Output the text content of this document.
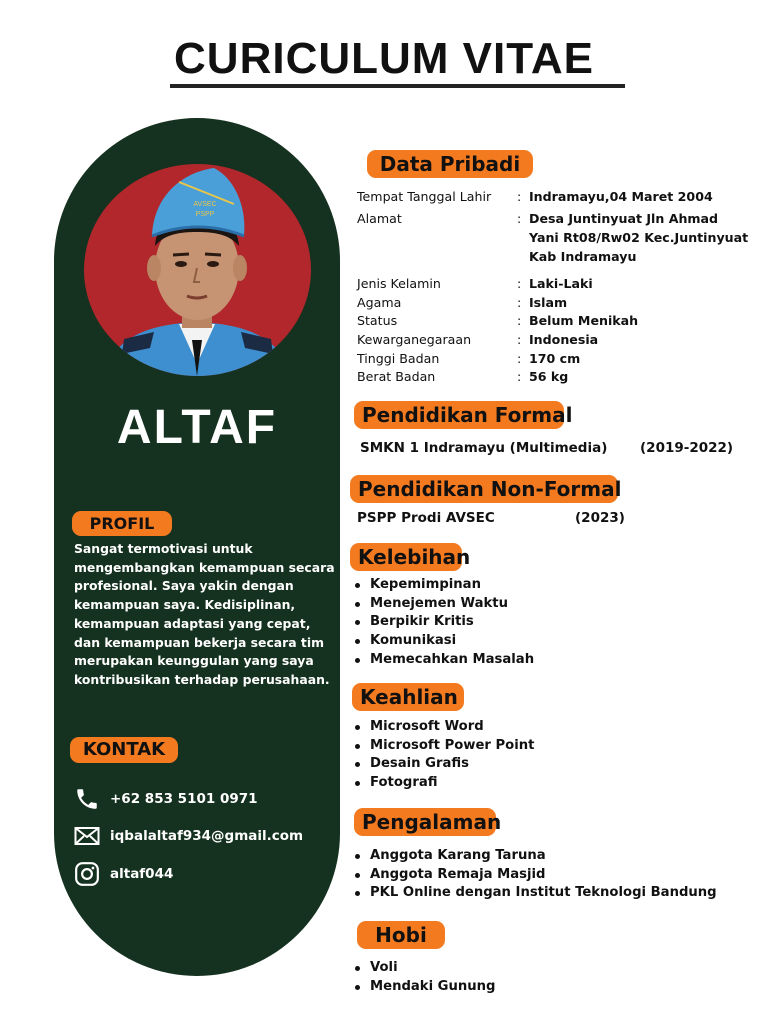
CURICULUM VITAE
AVSEC
PSPP
ALTAF
PROFIL
Sangat termotivasi untuk mengembangkan kemampuan secara profesional. Saya yakin dengan kemampuan saya. Kedisiplinan, kemampuan adaptasi yang cepat, dan kemampuan bekerja secara tim merupakan keunggulan yang saya kontribusikan terhadap perusahaan.
KONTAK
+62 853 5101 0971
iqbalaltaf934@gmail.com
altaf044
Data Pribadi
Tempat Tanggal Lahir	: Indramayu,04 Maret 2004
Alamat	: Desa Juntinyuat Jln Ahmad Yani Rt08/Rw02 Kec.Juntinyuat Kab Indramayu
Jenis Kelamin	: Laki-Laki
Agama	: Islam
Status	: Belum Menikah
Kewarganegaraan	: Indonesia
Tinggi Badan	: 170 cm
Berat Badan	: 56 kg
Pendidikan Formal
SMKN 1 Indramayu (Multimedia) (2019-2022)
Pendidikan Non-Formal
PSPP Prodi AVSEC	(2023)
Kelebihan
Kepemimpinan
Menejemen Waktu
Berpikir Kritis
Komunikasi
Memecahkan Masalah
Keahlian
Microsoft Word
Microsoft Power Point
Desain Grafis
Fotografi
Pengalaman
Anggota Karang Taruna
Anggota Remaja Masjid
PKL Online dengan Institut Teknologi Bandung
Hobi
Voli
Mendaki Gunung
